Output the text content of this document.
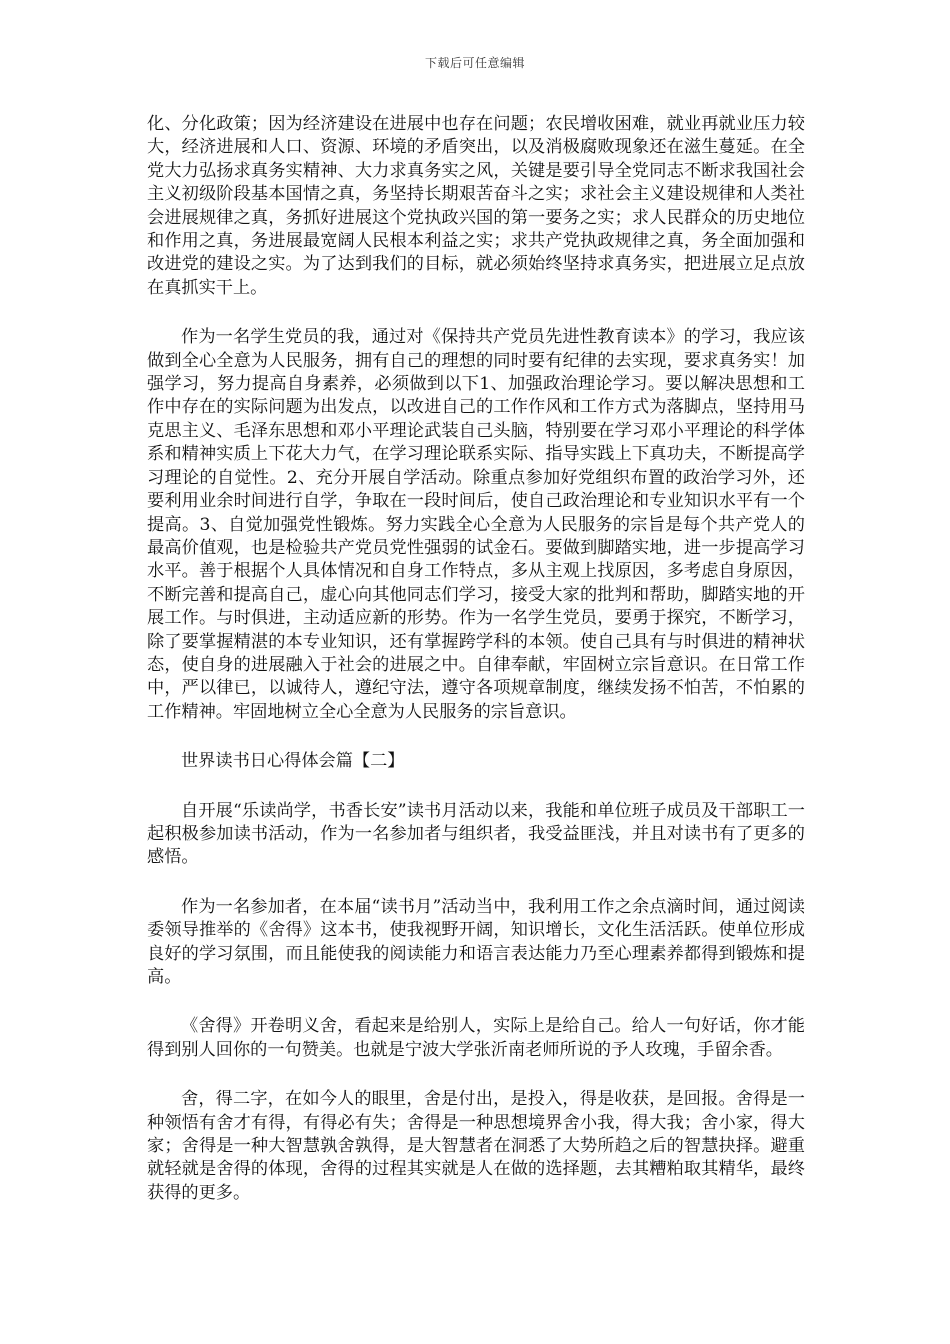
下载后可任意编辑

化、分化政策；因为经济建设在进展中也存在问题；农民增收困难，就业再就业压力较大，经济进展和人口、资源、环境的矛盾突出，以及消极腐败现象还在滋生蔓延。在全党大力弘扬求真务实精神、大力求真务实之风，关键是要引导全党同志不断求我国社会主义初级阶段基本国情之真，务坚持长期艰苦奋斗之实；求社会主义建设规律和人类社会进展规律之真，务抓好进展这个党执政兴国的第一要务之实；求人民群众的历史地位和作用之真，务进展最宽阔人民根本利益之实；求共产党执政规律之真，务全面加强和改进党的建设之实。为了达到我们的目标，就必须始终坚持求真务实，把进展立足点放在真抓实干上。

作为一名学生党员的我，通过对《保持共产党员先进性教育读本》的学习，我应该做到全心全意为人民服务，拥有自己的理想的同时要有纪律的去实现，要求真务实！加强学习，努力提高自身素养，必须做到以下1、加强政治理论学习。要以解决思想和工作中存在的实际问题为出发点，以改进自己的工作作风和工作方式为落脚点，坚持用马克思主义、毛泽东思想和邓小平理论武装自己头脑，特别要在学习邓小平理论的科学体系和精神实质上下花大力气，在学习理论联系实际、指导实践上下真功夫，不断提高学习理论的自觉性。2、充分开展自学活动。除重点参加好党组织布置的政治学习外，还要利用业余时间进行自学，争取在一段时间后，使自己政治理论和专业知识水平有一个提高。3、自觉加强党性锻炼。努力实践全心全意为人民服务的宗旨是每个共产党人的最高价值观，也是检验共产党员党性强弱的试金石。要做到脚踏实地，进一步提高学习水平。善于根据个人具体情况和自身工作特点，多从主观上找原因，多考虑自身原因，不断完善和提高自己，虚心向其他同志们学习，接受大家的批判和帮助，脚踏实地的开展工作。与时俱进，主动适应新的形势。作为一名学生党员，要勇于探究，不断学习，除了要掌握精湛的本专业知识，还有掌握跨学科的本领。使自己具有与时俱进的精神状态，使自身的进展融入于社会的进展之中。自律奉献，牢固树立宗旨意识。在日常工作中，严以律已，以诚待人，遵纪守法，遵守各项规章制度，继续发扬不怕苦，不怕累的工作精神。牢固地树立全心全意为人民服务的宗旨意识。

世界读书日心得体会篇【二】

自开展“乐读尚学，书香长安”读书月活动以来，我能和单位班子成员及干部职工一起积极参加读书活动，作为一名参加者与组织者，我受益匪浅，并且对读书有了更多的感悟。

作为一名参加者，在本届“读书月”活动当中，我利用工作之余点滴时间，通过阅读委领导推举的《舍得》这本书，使我视野开阔，知识增长，文化生活活跃。使单位形成良好的学习氛围，而且能使我的阅读能力和语言表达能力乃至心理素养都得到锻炼和提高。

《舍得》开卷明义舍，看起来是给别人，实际上是给自己。给人一句好话，你才能得到别人回你的一句赞美。也就是宁波大学张沂南老师所说的予人玫瑰，手留余香。

舍，得二字，在如今人的眼里，舍是付出，是投入，得是收获，是回报。舍得是一种领悟有舍才有得，有得必有失；舍得是一种思想境界舍小我，得大我；舍小家，得大家；舍得是一种大智慧孰舍孰得，是大智慧者在洞悉了大势所趋之后的智慧抉择。避重就轻就是舍得的体现，舍得的过程其实就是人在做的选择题，去其糟粕取其精华，最终获得的更多。
